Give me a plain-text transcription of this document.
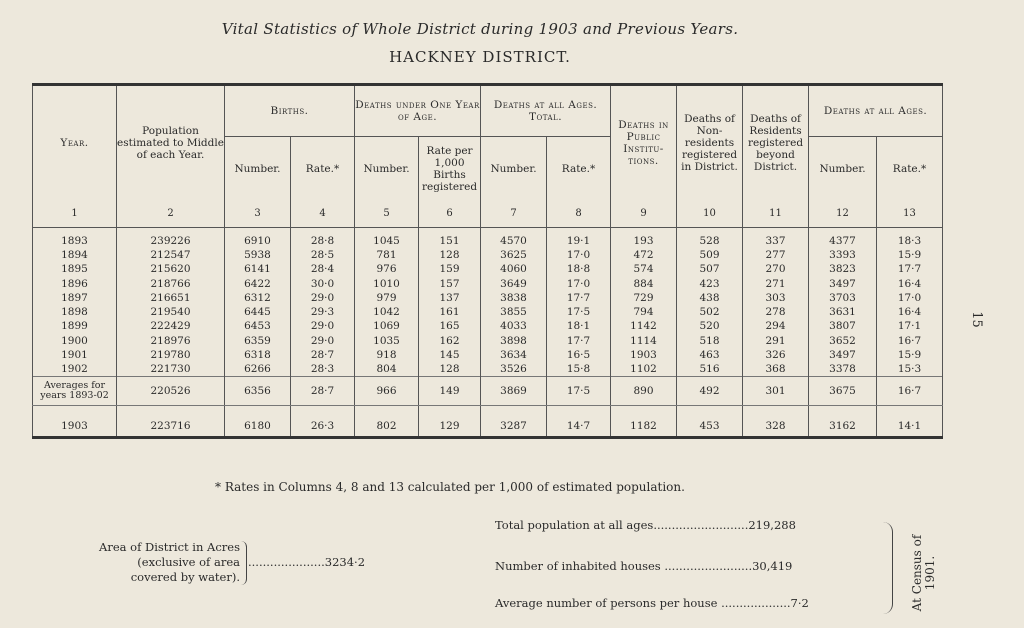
Vital Statistics of Whole District during 1903 and Previous Years.
HACKNEY DISTRICT.
15
Year.	Population estimated to Middle of each Year.	Births.		Deaths under One Year of Age.		Deaths at all Ages. Total.		Deaths in Public Institu- tions.	Deaths of Non- residents registered in District.	Deaths of Residents registered beyond District.	Deaths at all Ages.	
		Number.	Rate.*	Number.	Rate per 1,000 Births registered	Number.	Rate.*				Number.	Rate.*
1	2	3	4	5	6	7	8	9	10	11	12	13

1893	239226	6910	28·8	1045	151	4570	19·1	193	528	337	4377	18·3
1894	212547	5938	28·5	781	128	3625	17·0	472	509	277	3393	15·9
1895	215620	6141	28·4	976	159	4060	18·8	574	507	270	3823	17·7
1896	218766	6422	30·0	1010	157	3649	17·0	884	423	271	3497	16·4
1897	216651	6312	29·0	979	137	3838	17·7	729	438	303	3703	17·0
1898	219540	6445	29·3	1042	161	3855	17·5	794	502	278	3631	16·4
1899	222429	6453	29·0	1069	165	4033	18·1	1142	520	294	3807	17·1
1900	218976	6359	29·0	1035	162	3898	17·7	1114	518	291	3652	16·7
1901	219780	6318	28·7	918	145	3634	16·5	1903	463	326	3497	15·9
1902	221730	6266	28·3	804	128	3526	15·8	1102	516	368	3378	15·3
Averages for years 1893-02	220526	6356	28·7	966	149	3869	17·5	890	492	301	3675	16·7

1903	223716	6180	26·3	802	129	3287	14·7	1182	453	328	3162	14·1
* Rates in Columns 4, 8 and 13 calculated per 1,000 of estimated population.
Area of District in Acres
(exclusive of area
covered by water).
.....................3234·2
Total population at all ages..........................219,288
Number of inhabited houses ........................30,419
Average number of persons per house ...................7·2	At Census of 1901.
